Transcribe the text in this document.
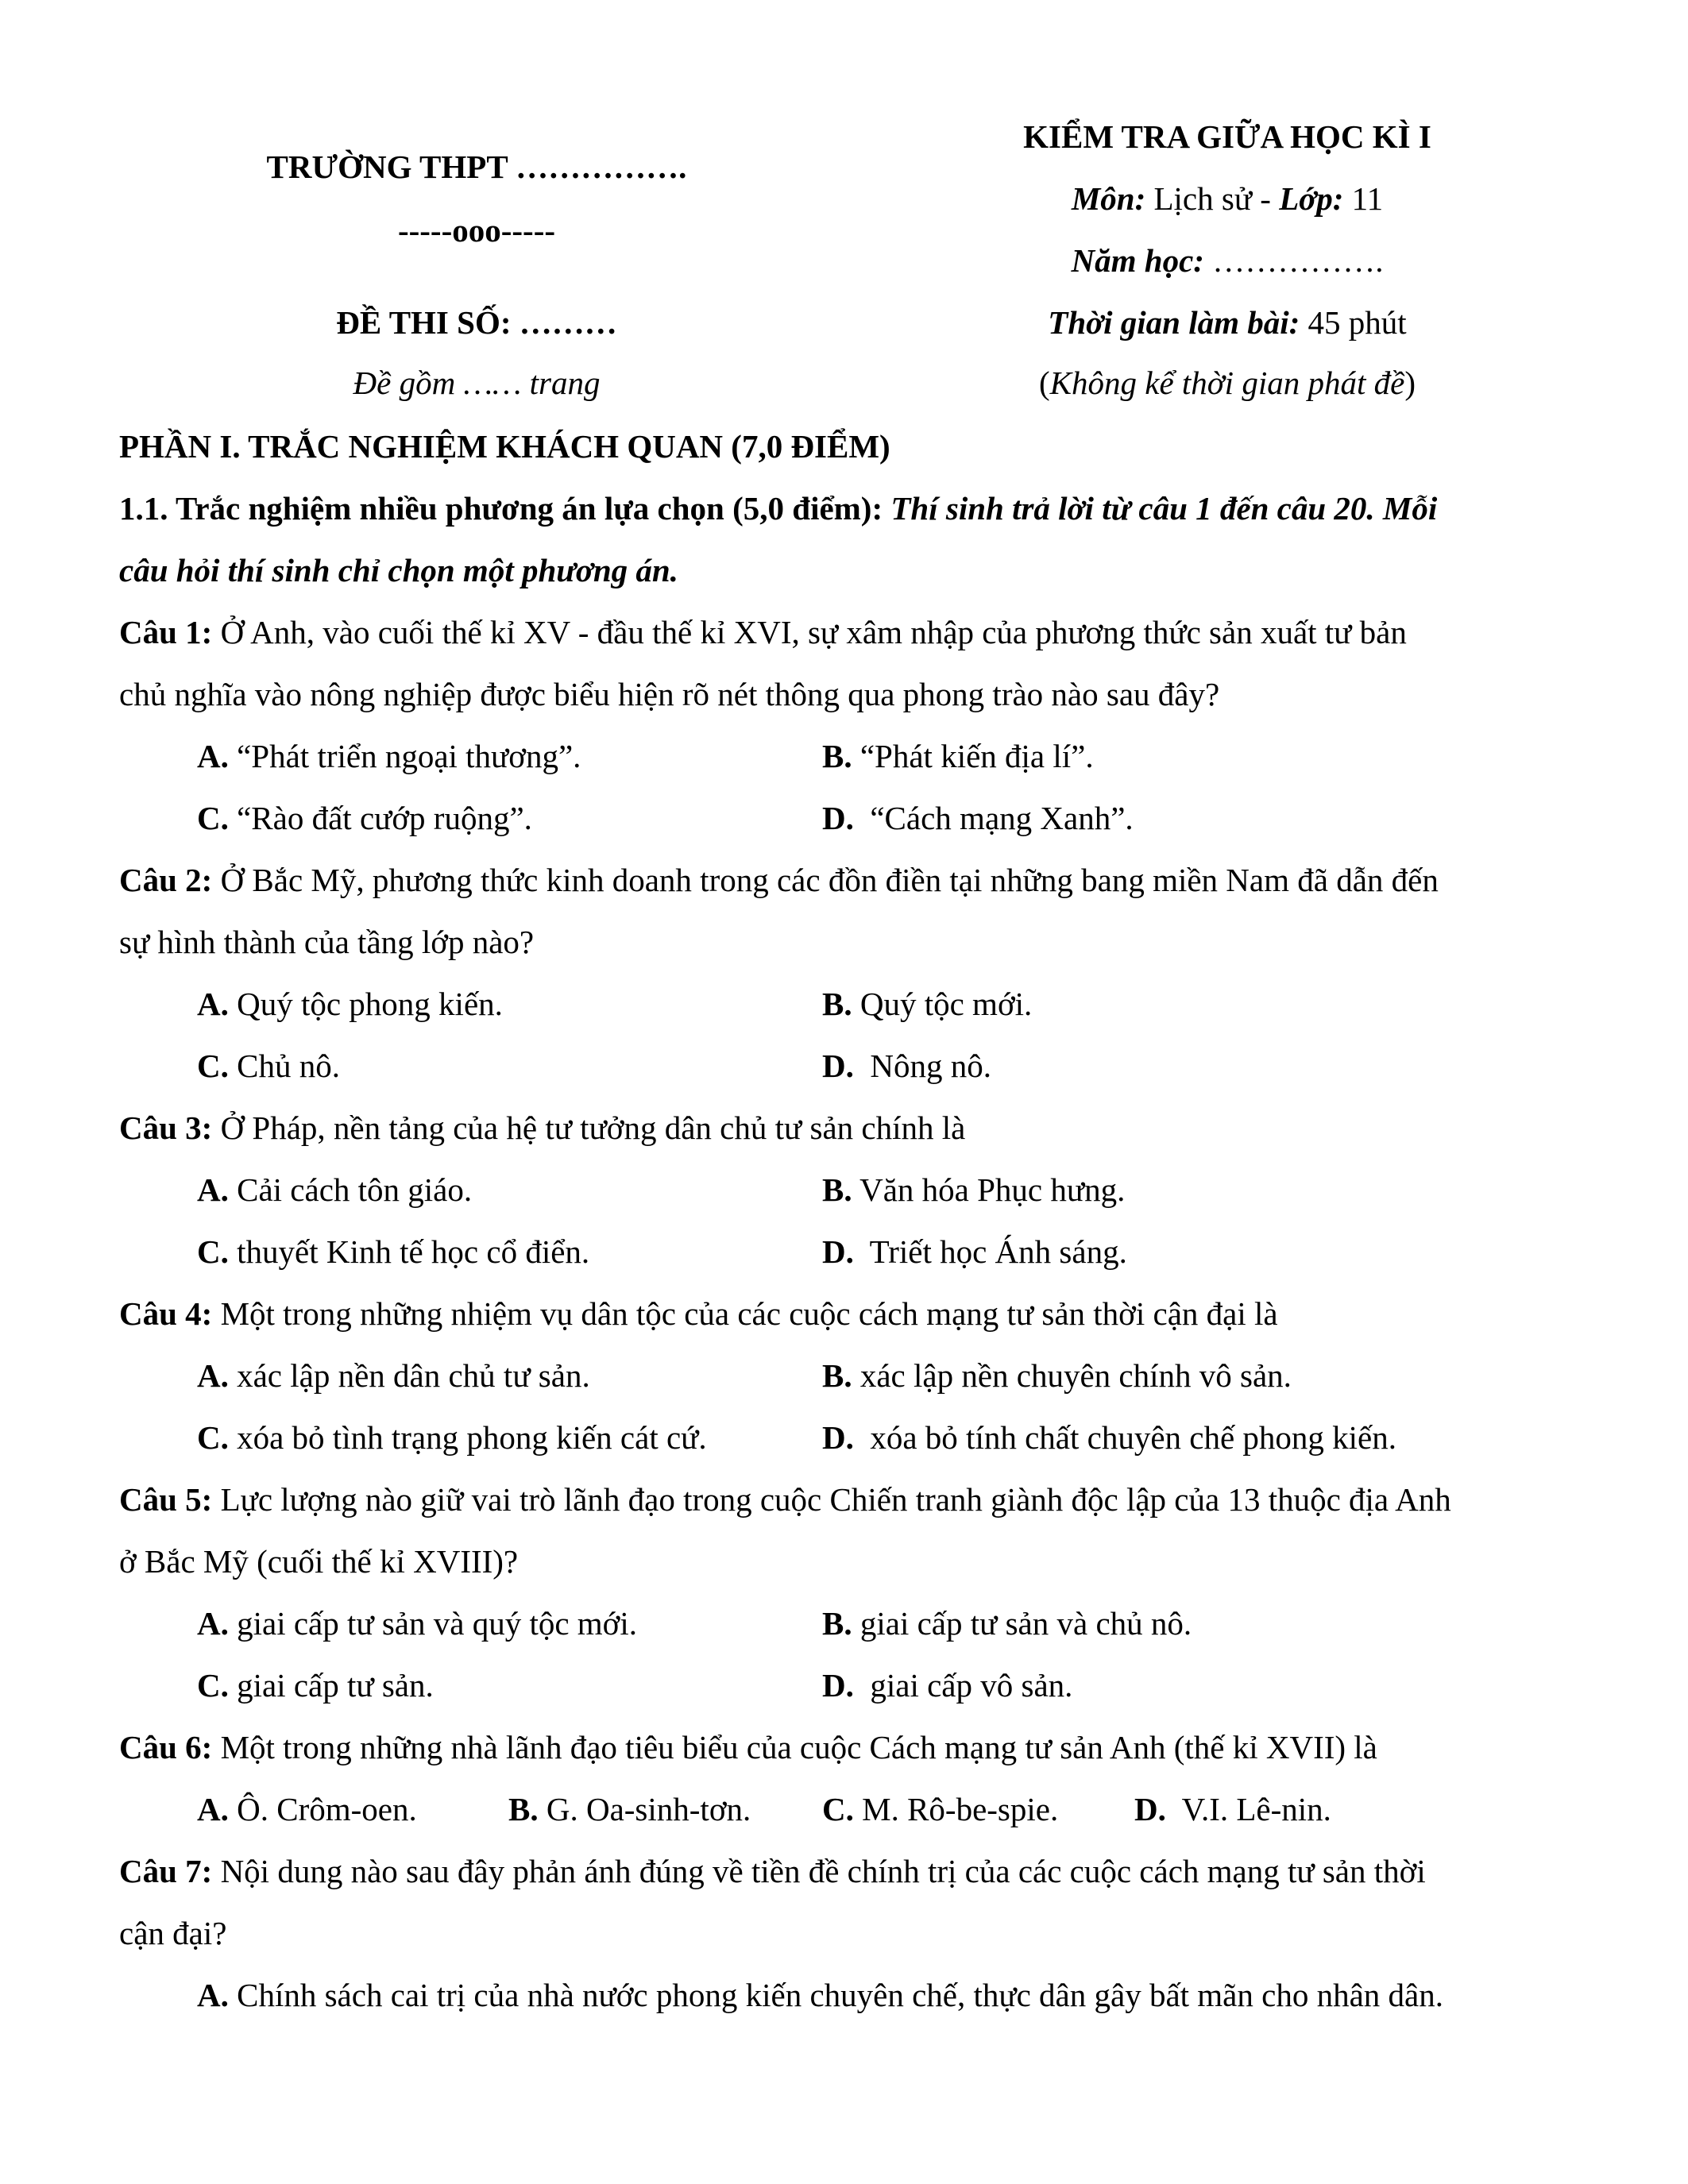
TRƯỜNG THPT …………….
-----ooo-----
ĐỀ THI SỐ: ………
Đề gồm …… trang
KIỂM TRA GIỮA HỌC KÌ I
Môn: Lịch sử - Lớp: 11
Năm học: …………….
Thời gian làm bài: 45 phút
(Không kể thời gian phát đề)
PHẦN I. TRẮC NGHIỆM KHÁCH QUAN (7,0 ĐIỂM)
1.1. Trắc nghiệm nhiều phương án lựa chọn (5,0 điểm): Thí sinh trả lời từ câu 1 đến câu 20. Mỗi
câu hỏi thí sinh chỉ chọn một phương án.
Câu 1: Ở Anh, vào cuối thế kỉ XV - đầu thế kỉ XVI, sự xâm nhập của phương thức sản xuất tư bản
chủ nghĩa vào nông nghiệp được biểu hiện rõ nét thông qua phong trào nào sau đây?
A. “Phát triển ngoại thương”.	B. “Phát kiến địa lí”.
C. “Rào đất cướp ruộng”.	D.  “Cách mạng Xanh”.
Câu 2: Ở Bắc Mỹ, phương thức kinh doanh trong các đồn điền tại những bang miền Nam đã dẫn đến
sự hình thành của tầng lớp nào?
A. Quý tộc phong kiến.	B. Quý tộc mới.
C. Chủ nô.	D.  Nông nô.
Câu 3: Ở Pháp, nền tảng của hệ tư tưởng dân chủ tư sản chính là
A. Cải cách tôn giáo.	B. Văn hóa Phục hưng.
C. thuyết Kinh tế học cổ điển.	D.  Triết học Ánh sáng.
Câu 4: Một trong những nhiệm vụ dân tộc của các cuộc cách mạng tư sản thời cận đại là
A. xác lập nền dân chủ tư sản.	B. xác lập nền chuyên chính vô sản.
C. xóa bỏ tình trạng phong kiến cát cứ.	D.  xóa bỏ tính chất chuyên chế phong kiến.
Câu 5: Lực lượng nào giữ vai trò lãnh đạo trong cuộc Chiến tranh giành độc lập của 13 thuộc địa Anh
ở Bắc Mỹ (cuối thế kỉ XVIII)?
A. giai cấp tư sản và quý tộc mới.	B. giai cấp tư sản và chủ nô.
C. giai cấp tư sản.	D.  giai cấp vô sản.
Câu 6: Một trong những nhà lãnh đạo tiêu biểu của cuộc Cách mạng tư sản Anh (thế kỉ XVII) là
A. Ô. Crôm-oen.	B. G. Oa-sinh-tơn. C. M. Rô-be-spie. D.  V.I. Lê-nin.
Câu 7: Nội dung nào sau đây phản ánh đúng về tiền đề chính trị của các cuộc cách mạng tư sản thời
cận đại?
A. Chính sách cai trị của nhà nước phong kiến chuyên chế, thực dân gây bất mãn cho nhân dân.
